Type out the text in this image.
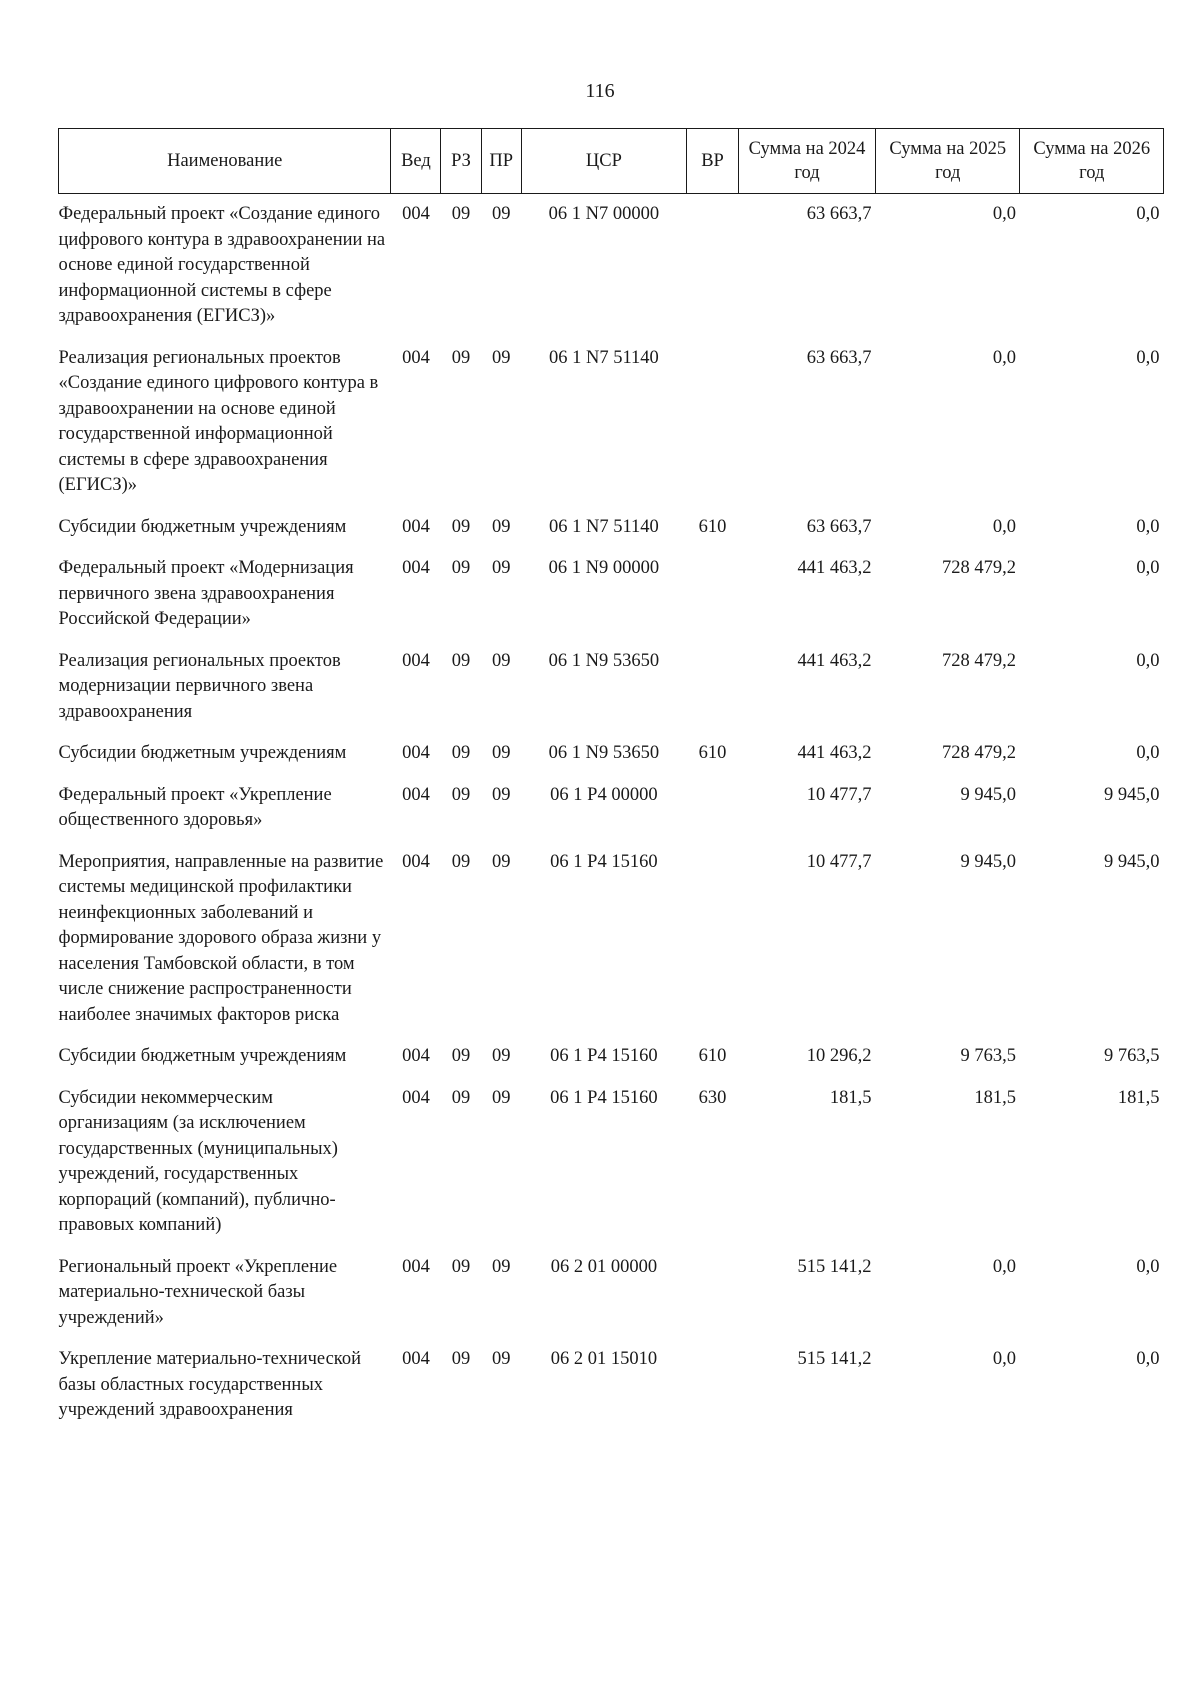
116
Наименование	Вед	РЗ	ПР	ЦСР	ВР	Сумма на 2024 год	Сумма на 2025 год	Сумма на 2026 год
Федеральный проект «Создание единого цифрового контура в здравоохранении на основе единой государственной информационной системы в сфере здравоохранения (ЕГИСЗ)»	004	09	09	06 1 N7 00000		63 663,7	0,0	0,0
Реализация региональных проектов «Создание единого цифрового контура в здравоохранении на основе единой государственной информационной системы в сфере здравоохранения (ЕГИСЗ)»	004	09	09	06 1 N7 51140		63 663,7	0,0	0,0
Субсидии бюджетным учреждениям	004	09	09	06 1 N7 51140	610	63 663,7	0,0	0,0
Федеральный проект «Модернизация первичного звена здравоохранения Российской Федерации»	004	09	09	06 1 N9 00000		441 463,2	728 479,2	0,0
Реализация региональных проектов модернизации первичного звена здравоохранения	004	09	09	06 1 N9 53650		441 463,2	728 479,2	0,0
Субсидии бюджетным учреждениям	004	09	09	06 1 N9 53650	610	441 463,2	728 479,2	0,0
Федеральный проект «Укрепление общественного здоровья»	004	09	09	06 1 P4 00000		10 477,7	9 945,0	9 945,0
Мероприятия, направленные на развитие системы медицинской профилактики неинфекционных заболеваний и формирование здорового образа жизни у населения Тамбовской области, в том числе снижение распространенности наиболее значимых факторов риска	004	09	09	06 1 P4 15160		10 477,7	9 945,0	9 945,0
Субсидии бюджетным учреждениям	004	09	09	06 1 P4 15160	610	10 296,2	9 763,5	9 763,5
Субсидии некоммерческим организациям (за исключением государственных (муниципальных) учреждений, государственных корпораций (компаний), публично-правовых компаний)	004	09	09	06 1 P4 15160	630	181,5	181,5	181,5
Региональный проект «Укрепление материально-технической базы учреждений»	004	09	09	06 2 01 00000		515 141,2	0,0	0,0
Укрепление материально-технической базы областных государственных учреждений здравоохранения	004	09	09	06 2 01 15010		515 141,2	0,0	0,0
